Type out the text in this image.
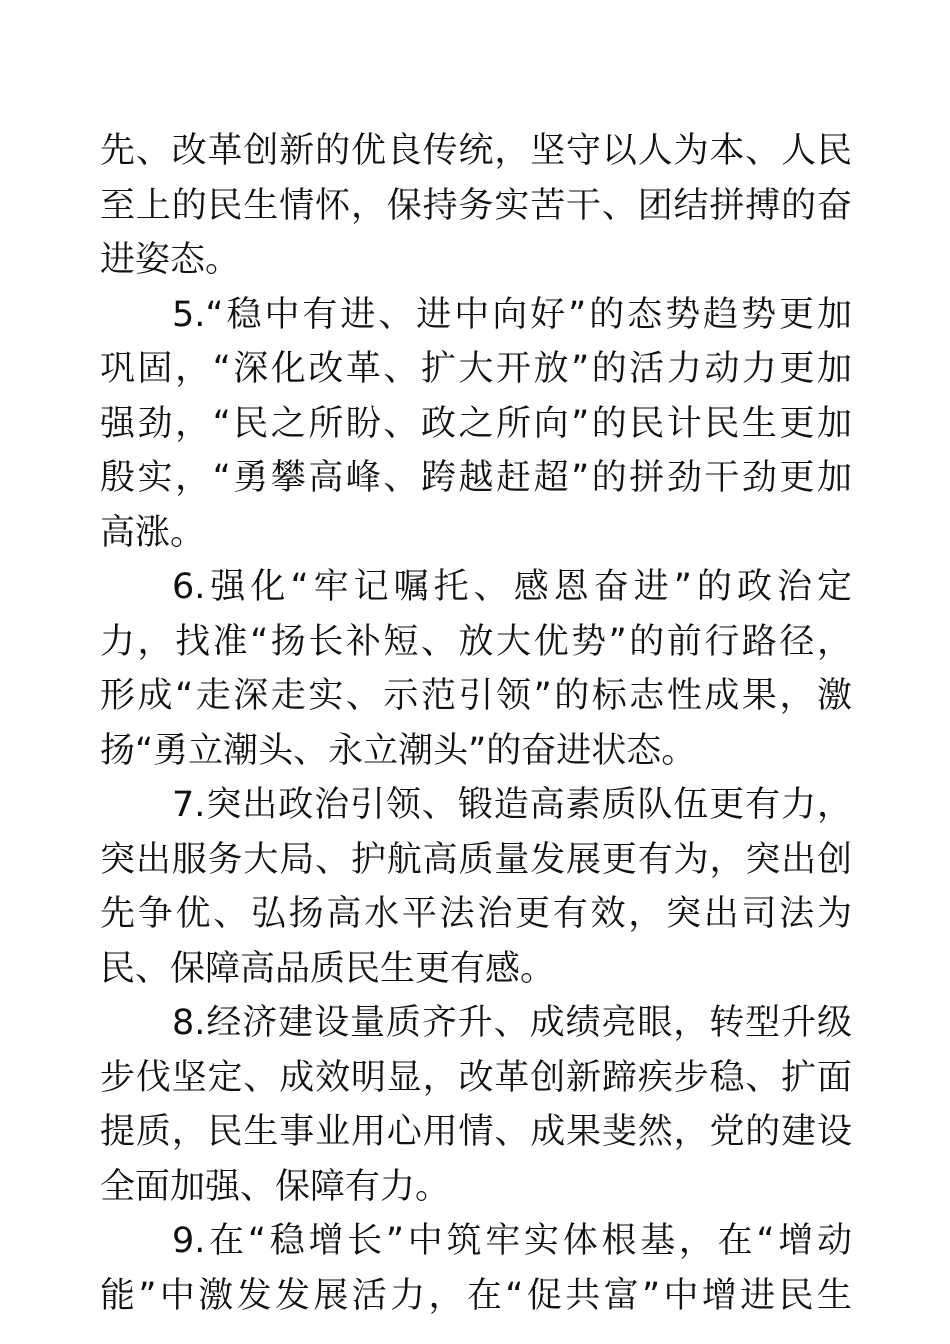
先、改革创新的优良传统，坚守以人为本、人民
至上的民生情怀，保持务实苦干、团结拼搏的奋
进姿态。
5.“稳中有进、进中向好”的态势趋势更加
巩固，“深化改革、扩大开放”的活力动力更加
强劲，“民之所盼、政之所向”的民计民生更加
殷实，“勇攀高峰、跨越赶超”的拼劲干劲更加
高涨。
6.强化“牢记嘱托、感恩奋进”的政治定
力，找准“扬长补短、放大优势”的前行路径，
形成“走深走实、示范引领”的标志性成果，激
扬“勇立潮头、永立潮头”的奋进状态。
7.突出政治引领、锻造高素质队伍更有力，
突出服务大局、护航高质量发展更有为，突出创
先争优、弘扬高水平法治更有效，突出司法为
民、保障高品质民生更有感。
8.经济建设量质齐升、成绩亮眼，转型升级
步伐坚定、成效明显，改革创新蹄疾步稳、扩面
提质，民生事业用心用情、成果斐然，党的建设
全面加强、保障有力。
9.在“稳增长”中筑牢实体根基，在“增动
能”中激发发展活力，在“促共富”中增进民生
